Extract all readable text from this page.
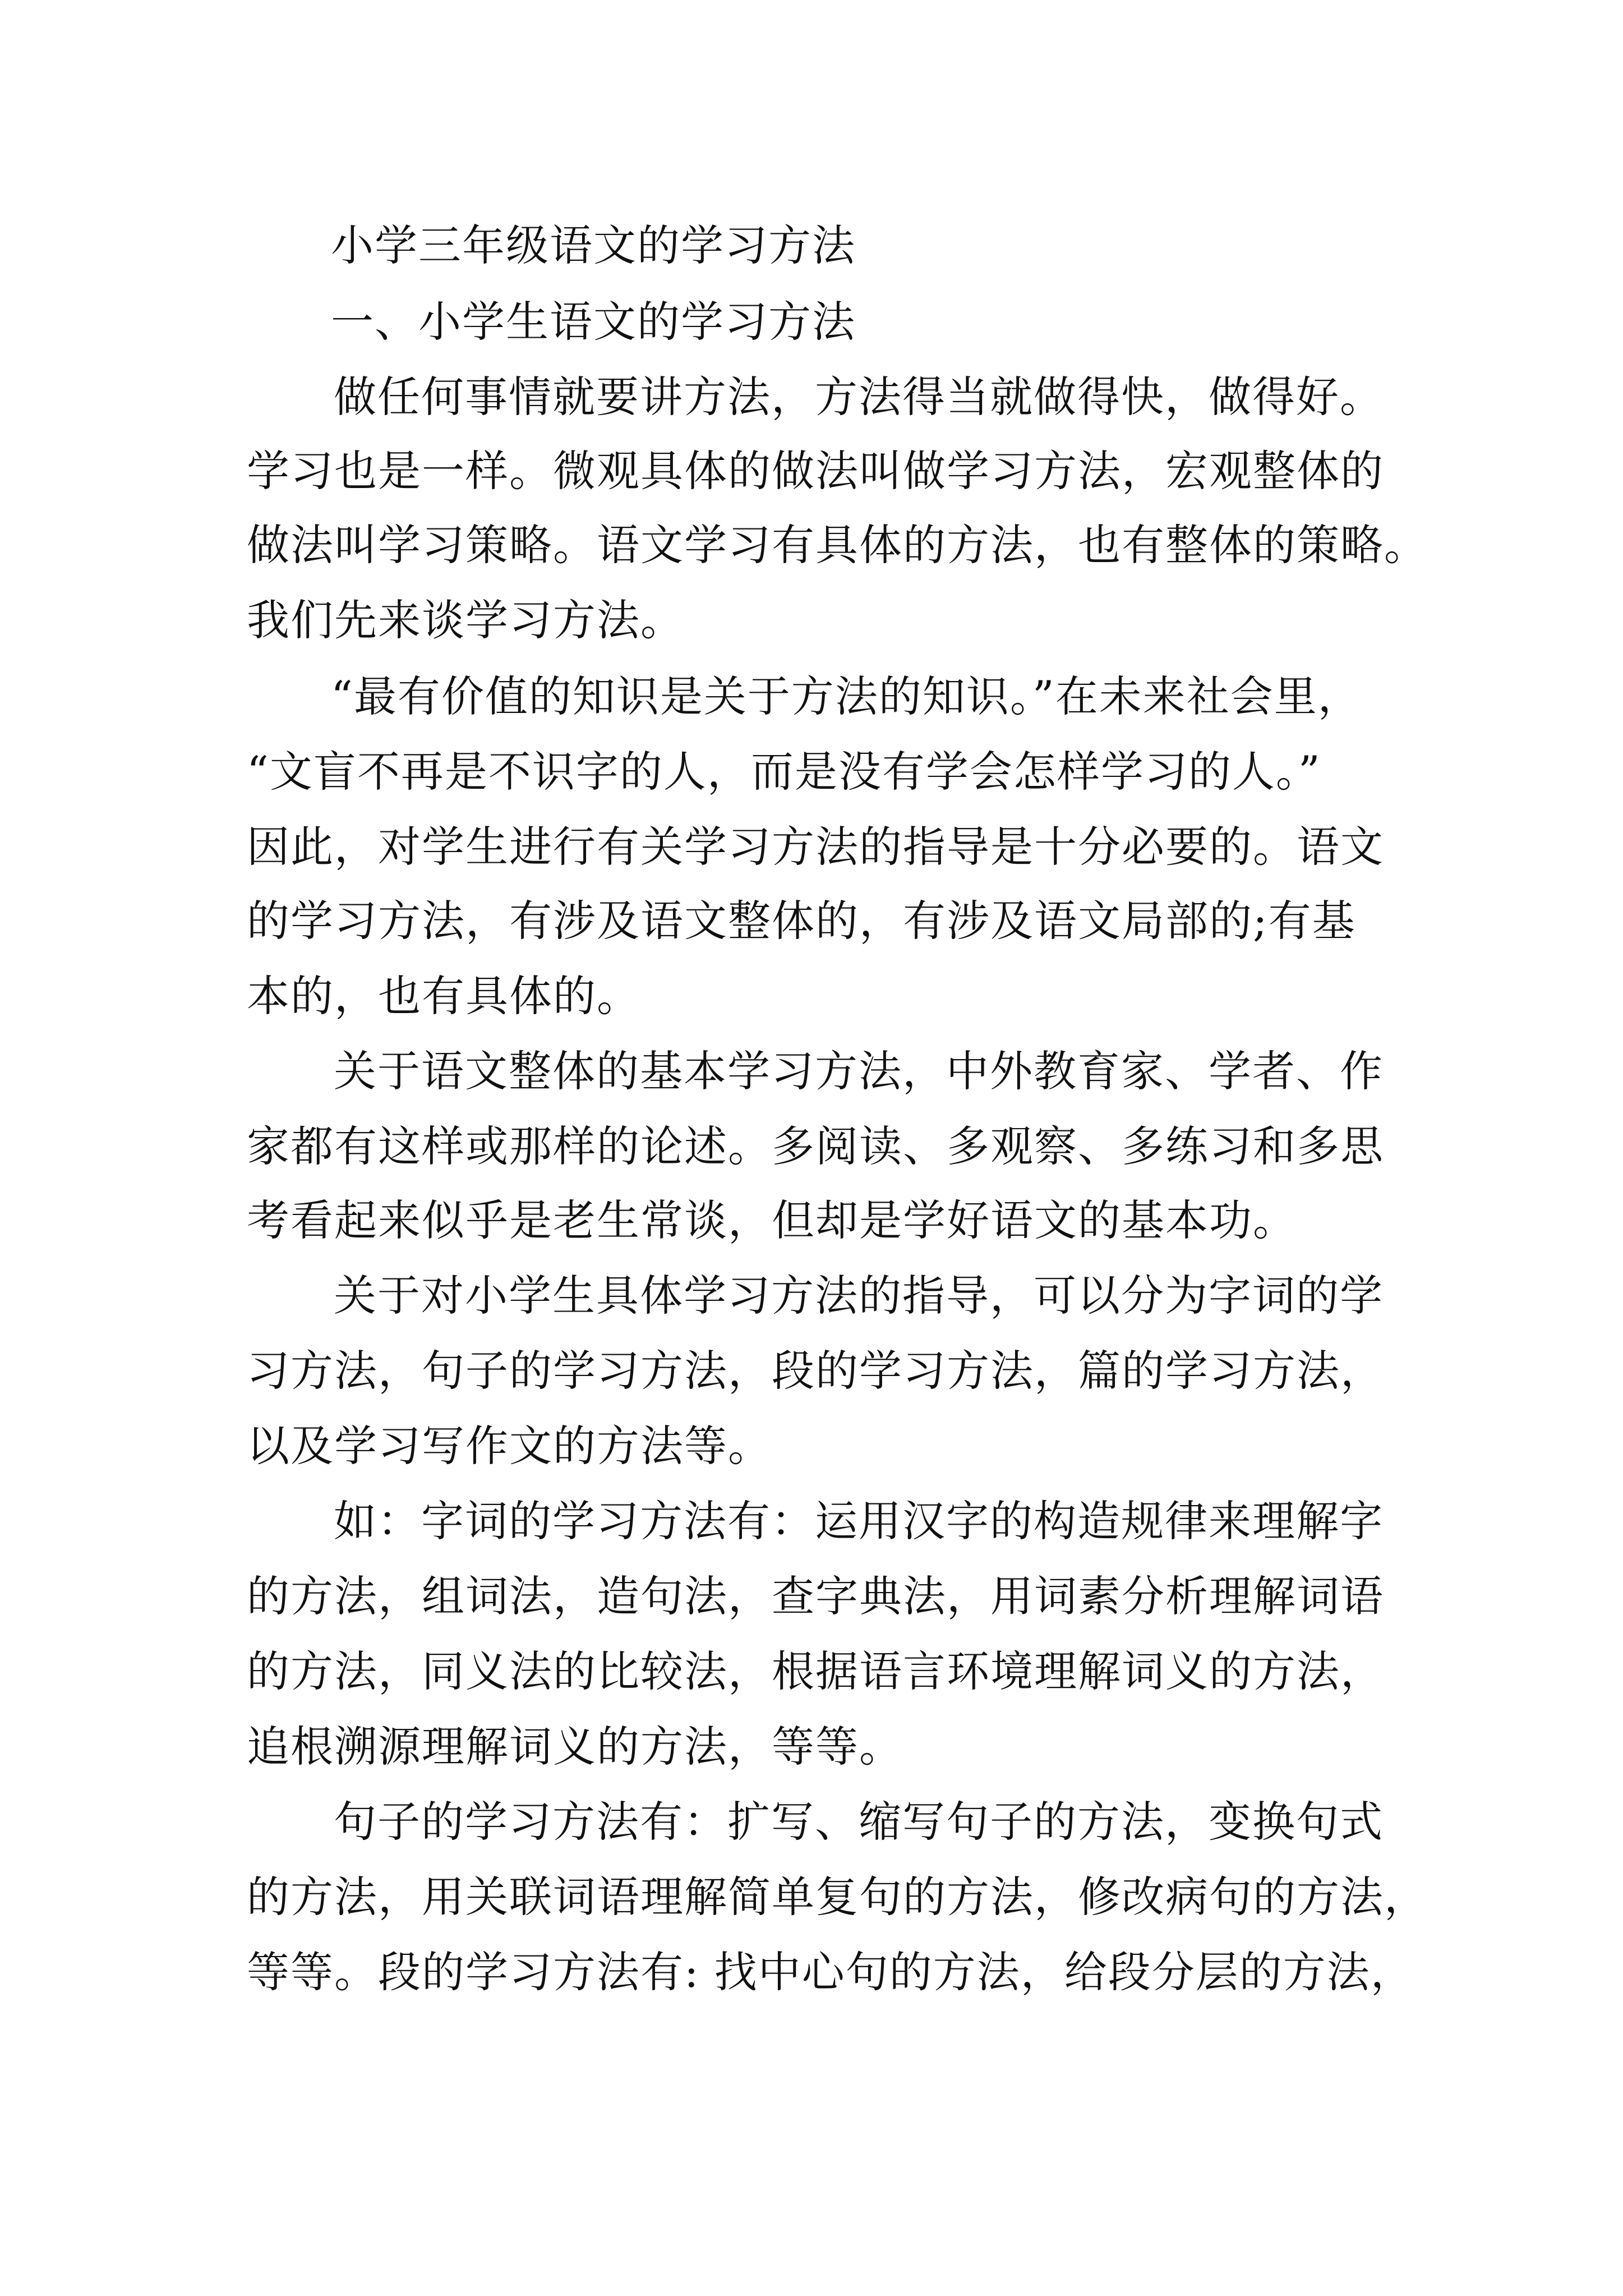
小学三年级语文的学习方法
一、小学生语文的学习方法
做任何事情就要讲方法，方法得当就做得快，做得好。
学习也是一样。微观具体的做法叫做学习方法，宏观整体的
做法叫学习策略。语文学习有具体的方法，也有整体的策略。
我们先来谈学习方法。
“最有价值的知识是关于方法的知识。”在未来社会里，
“文盲不再是不识字的人，而是没有学会怎样学习的人。”
因此，对学生进行有关学习方法的指导是十分必要的。语文
的学习方法，有涉及语文整体的，有涉及语文局部的;有基
本的，也有具体的。
关于语文整体的基本学习方法，中外教育家、学者、作
家都有这样或那样的论述。多阅读、多观察、多练习和多思
考看起来似乎是老生常谈，但却是学好语文的基本功。
关于对小学生具体学习方法的指导，可以分为字词的学
习方法，句子的学习方法，段的学习方法，篇的学习方法，
以及学习写作文的方法等。
如：字词的学习方法有：运用汉字的构造规律来理解字
的方法，组词法，造句法，查字典法，用词素分析理解词语
的方法，同义法的比较法，根据语言环境理解词义的方法，
追根溯源理解词义的方法，等等。
句子的学习方法有：扩写、缩写句子的方法，变换句式
的方法，用关联词语理解简单复句的方法，修改病句的方法，
等等。段的学习方法有: 找中心句的方法，给段分层的方法，
